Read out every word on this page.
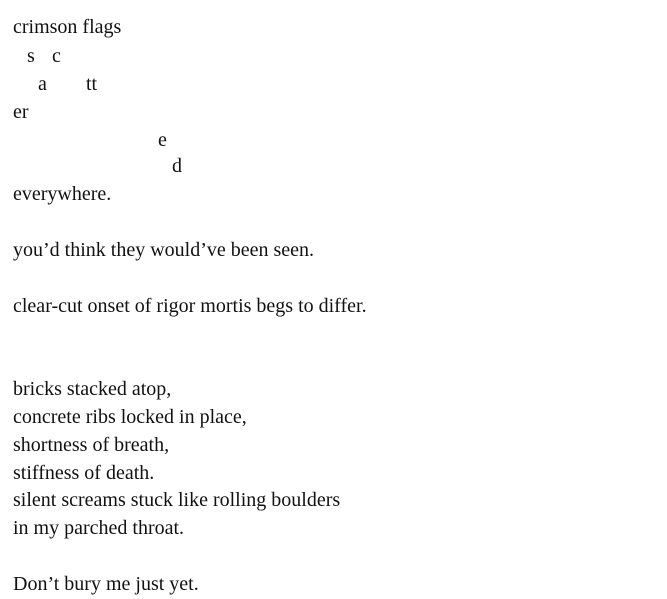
crimson flags
s c
a tt
er
e
d
everywhere.
you’d think they would’ve been seen.
clear-cut onset of rigor mortis begs to differ.
bricks stacked atop,
concrete ribs locked in place,
shortness of breath,
stiffness of death.
silent screams stuck like rolling boulders
in my parched throat.
Don’t bury me just yet.
